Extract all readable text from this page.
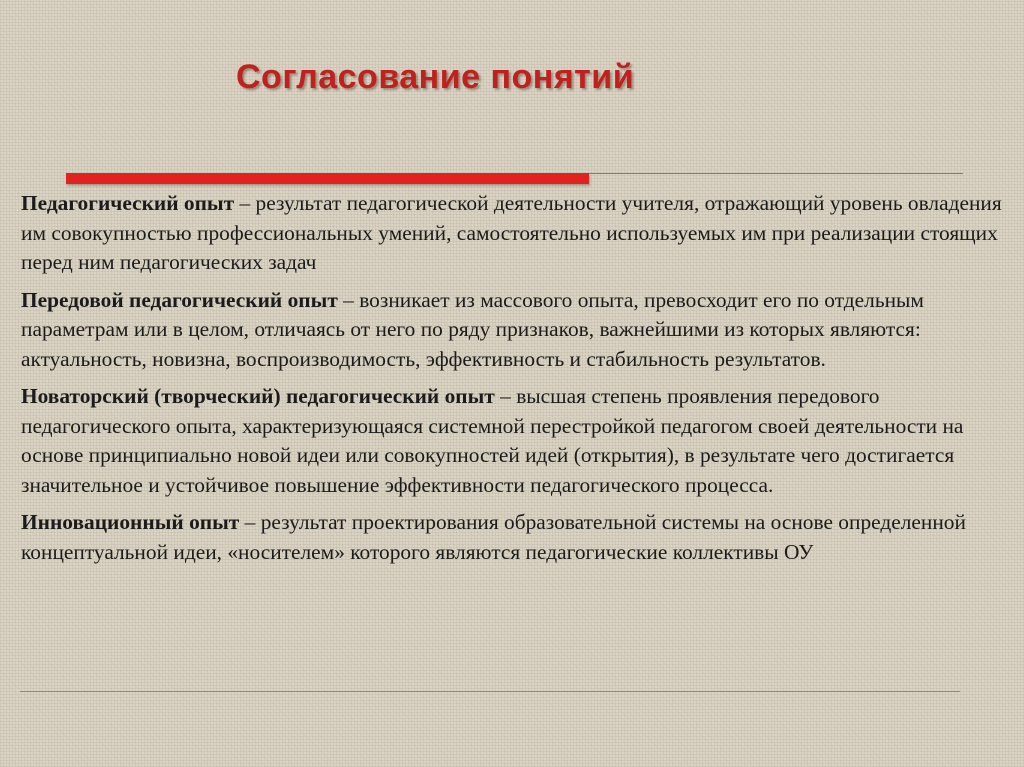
Согласование понятий

Педагогический опыт – результат педагогической деятельности учителя, отражающий уровень овладения им совокупностью профессиональных умений, самостоятельно используемых им при реализации стоящих перед ним педагогических задач

Передовой педагогический опыт – возникает из массового опыта, превосходит его по отдельным параметрам или в целом, отличаясь от него по ряду признаков, важнейшими из которых являются: актуальность, новизна, воспроизводимость, эффективность и стабильность результатов.

Новаторский (творческий) педагогический опыт – высшая степень проявления передового педагогического опыта, характеризующаяся системной перестройкой педагогом своей деятельности на основе принципиально новой идеи или совокупностей идей (открытия), в результате чего достигается значительное и устойчивое повышение эффективности педагогического процесса.

Инновационный опыт – результат проектирования образовательной системы на основе определенной концептуальной идеи, «носителем» которого являются педагогические коллективы ОУ
